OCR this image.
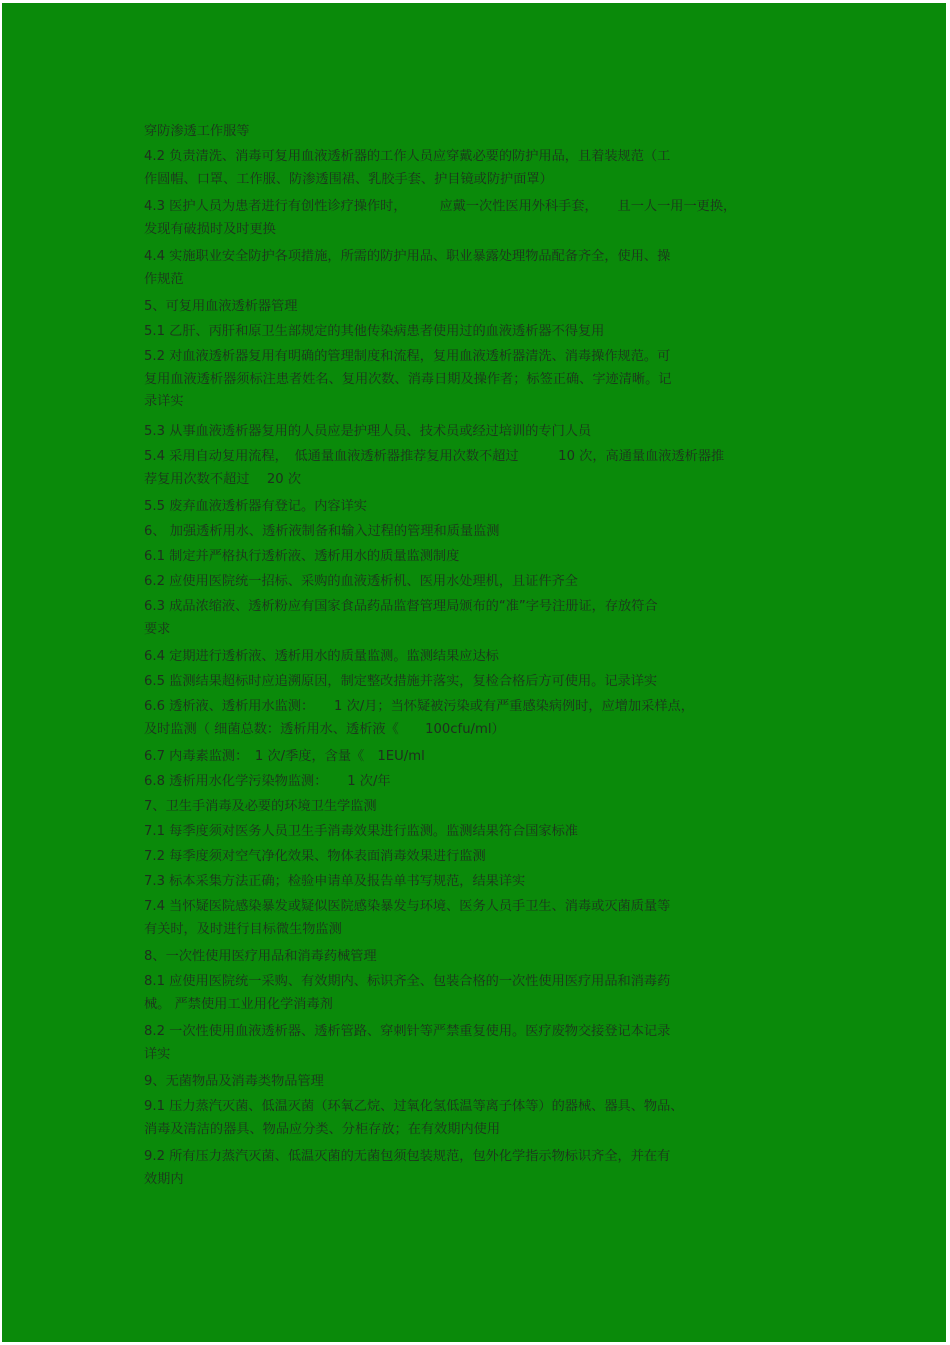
穿防渗透工作服等
4.2 负责清洗、消毒可复用血液透析器的工作人员应穿戴必要的防护用品，且着装规范（工
作圆帽、口罩、工作服、防渗透围裙、乳胶手套、护目镜或防护面罩）
4.3 医护人员为患者进行有创性诊疗操作时，　　　应戴一次性医用外科手套，　　且一人一用一更换，
发现有破损时及时更换
4.4 实施职业安全防护各项措施，所需的防护用品、职业暴露处理物品配备齐全，使用、操
作规范
5、可复用血液透析器管理
5.1 乙肝、丙肝和原卫生部规定的其他传染病患者使用过的血液透析器不得复用
5.2 对血液透析器复用有明确的管理制度和流程，复用血液透析器清洗、消毒操作规范。可
复用血液透析器须标注患者姓名、复用次数、消毒日期及操作者；标签正确、字迹清晰。记
录详实
5.3 从事血液透析器复用的人员应是护理人员、技术员或经过培训的专门人员
5.4 采用自动复用流程，　低通量血液透析器推荐复用次数不超过　　　10 次，高通量血液透析器推
荐复用次数不超过　 20 次
5.5 废弃血液透析器有登记。内容详实
6、 加强透析用水、透析液制备和输入过程的管理和质量监测
6.1 制定并严格执行透析液、透析用水的质量监测制度
6.2 应使用医院统一招标、采购的血液透析机、医用水处理机，且证件齐全
6.3 成品浓缩液、透析粉应有国家食品药品监督管理局颁布的“准”字号注册证，存放符合
要求
6.4 定期进行透析液、透析用水的质量监测。监测结果应达标
6.5 监测结果超标时应追溯原因，制定整改措施并落实，复检合格后方可使用。记录详实
6.6 透析液、透析用水监测：　　1 次/月；当怀疑被污染或有严重感染病例时，应增加采样点，
及时监测（ 细菌总数：透析用水、透析液《　　100cfu/ml）
6.7 内毒素监测：　1 次/季度，含量《　1EU/ml
6.8 透析用水化学污染物监测：　　1 次/年
7、卫生手消毒及必要的环境卫生学监测
7.1 每季度须对医务人员卫生手消毒效果进行监测。监测结果符合国家标准
7.2 每季度须对空气净化效果、物体表面消毒效果进行监测
7.3 标本采集方法正确；检验申请单及报告单书写规范，结果详实
7.4 当怀疑医院感染暴发或疑似医院感染暴发与环境、医务人员手卫生、消毒或灭菌质量等
有关时，及时进行目标微生物监测
8、一次性使用医疗用品和消毒药械管理
8.1 应使用医院统一采购、有效期内、标识齐全、包装合格的一次性使用医疗用品和消毒药
械。 严禁使用工业用化学消毒剂
8.2 一次性使用血液透析器、透析管路、穿刺针等严禁重复使用。医疗废物交接登记本记录
详实
9、无菌物品及消毒类物品管理
9.1 压力蒸汽灭菌、低温灭菌（环氧乙烷、过氧化氢低温等离子体等）的器械、器具、物品、
消毒及清洁的器具、物品应分类、分柜存放；在有效期内使用
9.2 所有压力蒸汽灭菌、低温灭菌的无菌包须包装规范，包外化学指示物标识齐全，并在有
效期内
